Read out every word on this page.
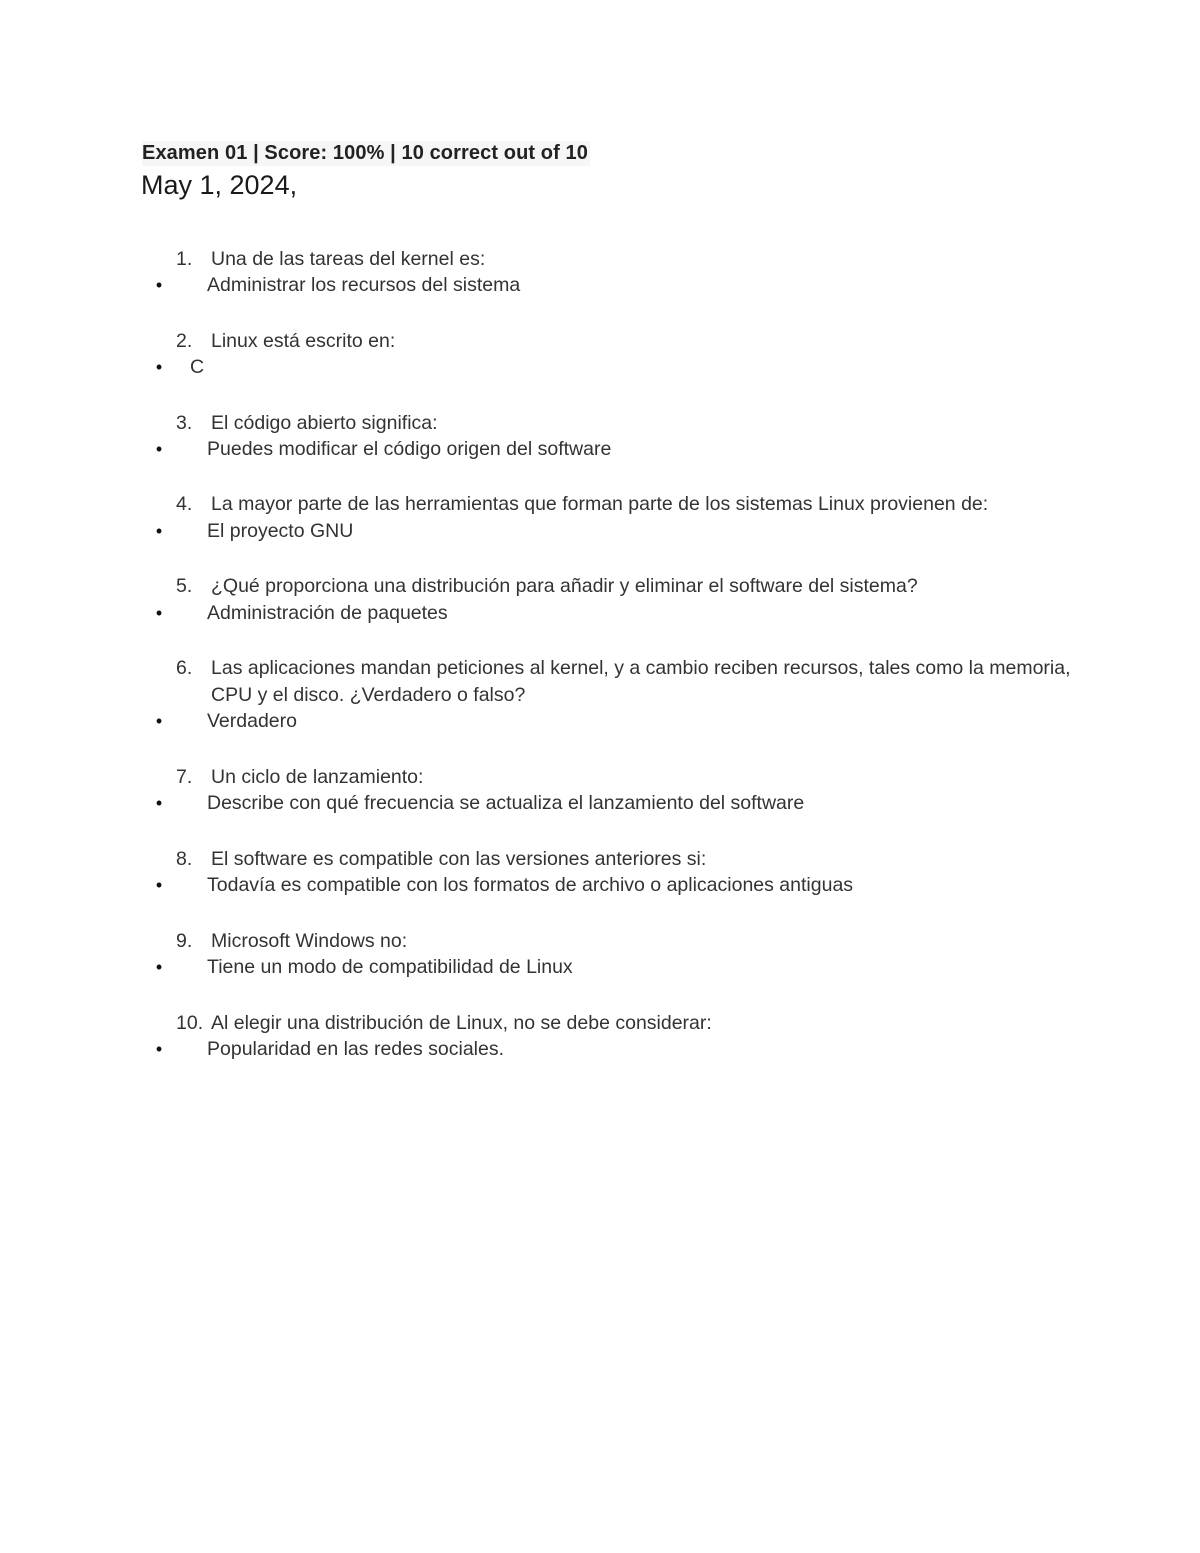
Examen 01 | Score: 100% | 10 correct out of 10
May 1, 2024,
1. Una de las tareas del kernel es:
• Administrar los recursos del sistema
2. Linux está escrito en:
• C
3. El código abierto significa:
• Puedes modificar el código origen del software
4. La mayor parte de las herramientas que forman parte de los sistemas Linux provienen de:
• El proyecto GNU
5. ¿Qué proporciona una distribución para añadir y eliminar el software del sistema?
• Administración de paquetes
6. Las aplicaciones mandan peticiones al kernel, y a cambio reciben recursos, tales como la memoria, CPU y el disco. ¿Verdadero o falso?
• Verdadero
7. Un ciclo de lanzamiento:
• Describe con qué frecuencia se actualiza el lanzamiento del software
8. El software es compatible con las versiones anteriores si:
• Todavía es compatible con los formatos de archivo o aplicaciones antiguas
9. Microsoft Windows no:
• Tiene un modo de compatibilidad de Linux
10. Al elegir una distribución de Linux, no se debe considerar:
• Popularidad en las redes sociales.
